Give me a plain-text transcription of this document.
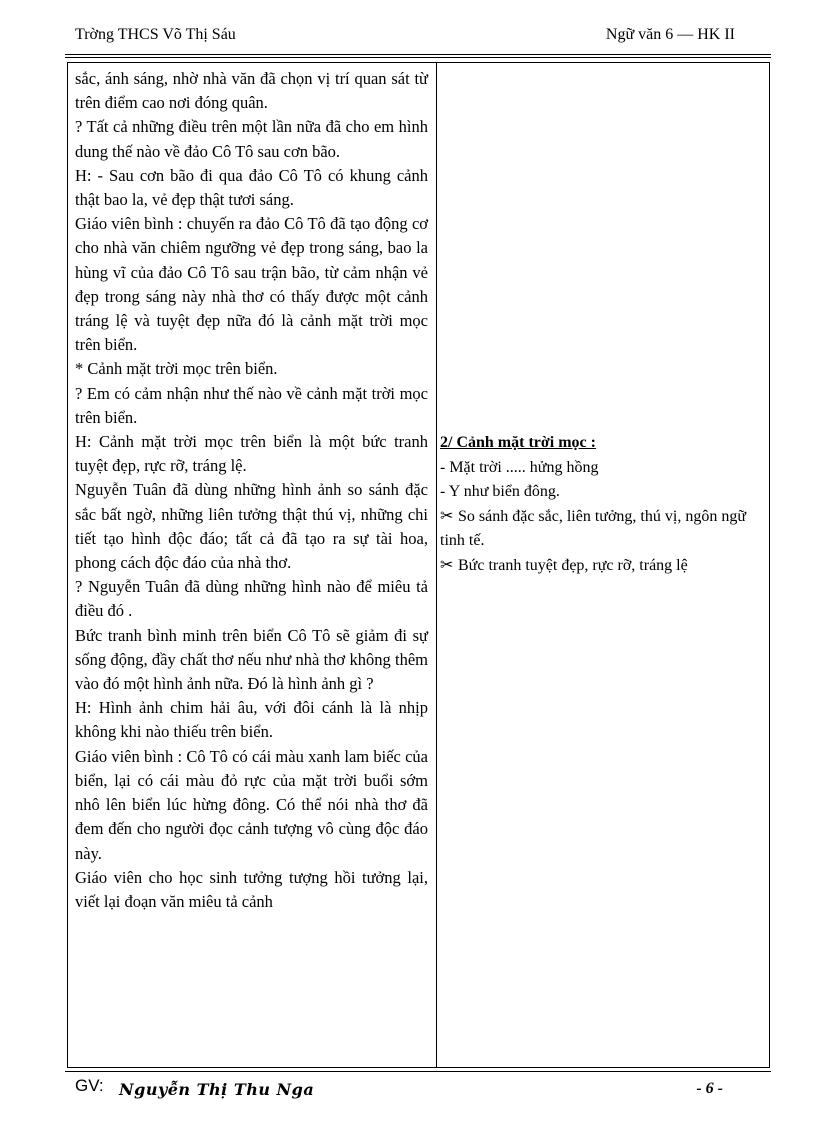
Trờng THCS Võ Thị Sáu	Ngữ văn 6 — HK II

sắc, ánh sáng, nhờ nhà văn đã chọn vị trí quan sát từ trên điểm cao nơi đóng quân.

? Tất cả những điều trên một lần nữa đã cho em hình dung thế nào về đảo Cô Tô sau cơn bão.

H: - Sau cơn bão đi qua đảo Cô Tô có khung cảnh thật bao la, vẻ đẹp thật tươi sáng.

Giáo viên bình : chuyến ra đảo Cô Tô đã tạo động cơ cho nhà văn chiêm ngưỡng vẻ đẹp trong sáng, bao la hùng vĩ của đảo Cô Tô sau trận bão, từ cảm nhận vẻ đẹp trong sáng này nhà thơ có thấy được một cảnh tráng lệ và tuyệt đẹp nữa đó là cảnh mặt trời mọc trên biển.

* Cảnh mặt trời mọc trên biển.

? Em có cảm nhận như thế nào về cảnh mặt trời mọc trên biển.

H: Cảnh mặt trời mọc trên biển là một bức tranh tuyệt đẹp, rực rỡ, tráng lệ.

Nguyễn Tuân đã dùng những hình ảnh so sánh đặc sắc bất ngờ, những liên tưởng thật thú vị, những chi tiết tạo hình độc đáo; tất cả đã tạo ra sự tài hoa, phong cách độc đáo của nhà thơ.

? Nguyễn Tuân đã dùng những hình nào để miêu tả điều đó .

Bức tranh bình minh trên biển Cô Tô sẽ giảm đi sự sống động, đầy chất thơ nếu như nhà thơ không thêm vào đó một hình ảnh nữa. Đó là hình ảnh gì ?

H: Hình ảnh chim hải âu, với đôi cánh là là nhịp không khi nào thiếu trên biển.

Giáo viên bình : Cô Tô có cái màu xanh lam biếc của biển, lại có cái màu đỏ rực của mặt trời buổi sớm nhô lên biển lúc hừng đông. Có thể nói nhà thơ đã đem đến cho người đọc cảnh tượng vô cùng độc đáo này.

Giáo viên cho học sinh tưởng tượng hồi tưởng lại, viết lại đoạn văn miêu tả cảnh

2/ Cảnh mặt trời mọc :

- Mặt trời ..... hửng hồng

- Y như biển đông.

✂ So sánh đặc sắc, liên tưởng, thú vị, ngôn ngữ tinh tế.

✂ Bức tranh tuyệt đẹp, rực rỡ, tráng lệ

GV: Nguyễn Thị Thu Nga	- 6 -
